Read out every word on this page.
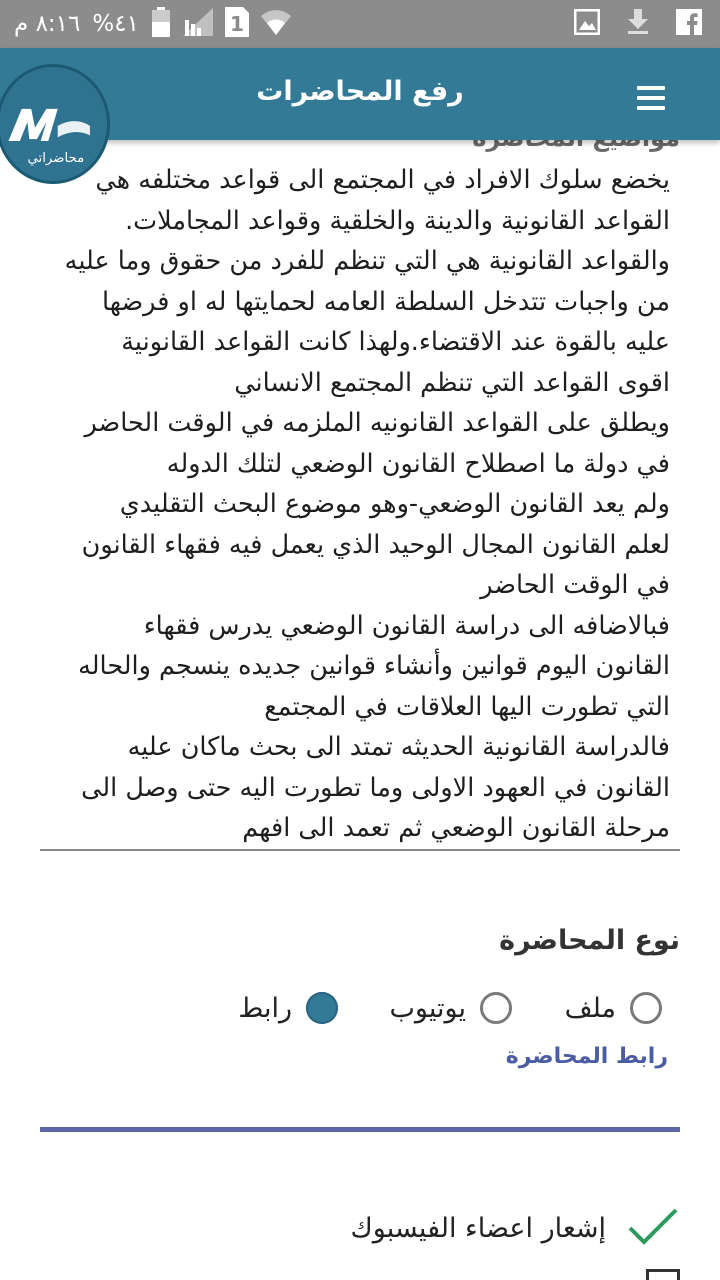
٨:١٦ م %٤١	1
رفع المحاضرات
محاضراتي
يخضع سلوك الافراد في المجتمع الى قواعد مختلفه هي
القواعد القانونية والدينة والخلقية وقواعد المجاملات.
والقواعد القانونية هي التي تنظم للفرد من حقوق وما عليه
من واجبات تتدخل السلطة العامه لحمايتها له او فرضها
عليه بالقوة عند الاقتضاء.ولهذا كانت القواعد القانونية
اقوى القواعد التي تنظم المجتمع الانساني
ويطلق على القواعد القانونيه الملزمه في الوقت الحاضر
في دولة ما اصطلاح القانون الوضعي لتلك الدوله
ولم يعد القانون الوضعي-وهو موضوع البحث التقليدي
لعلم القانون المجال الوحيد الذي يعمل فيه فقهاء القانون
في الوقت الحاضر
فبالاضافه الى دراسة القانون الوضعي يدرس فقهاء
القانون اليوم قوانين وأنشاء قوانين جديده ينسجم والحاله
التي تطورت اليها العلاقات في المجتمع
فالدراسة القانونية الحديثه تمتد الى بحث ماكان عليه
القانون في العهود الاولى وما تطورت اليه حتى وصل الى
مرحلة القانون الوضعي ثم تعمد الى افهم
نوع المحاضرة
ملف
يوتيوب
رابط
رابط المحاضرة
إشعار اعضاء الفيسبوك
